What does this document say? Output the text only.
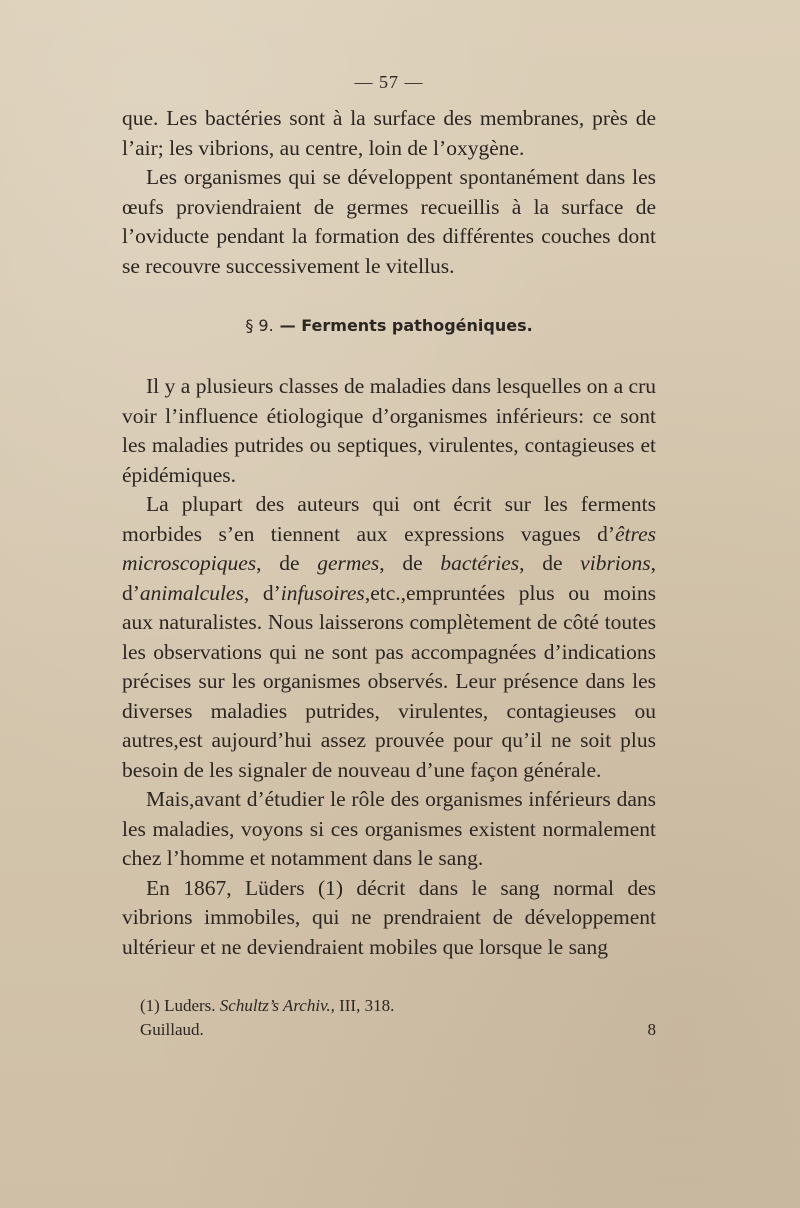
— 57 —

que. Les bactéries sont à la surface des membranes, près de l’air; les vibrions, au centre, loin de l’oxygène.

Les organismes qui se développent spontanément dans les œufs proviendraient de germes recueillis à la surface de l’oviducte pendant la formation des différentes couches dont se recouvre successivement le vitellus.

§ 9. — Ferments pathogéniques.

Il y a plusieurs classes de maladies dans lesquelles on a cru voir l’influence étiologique d’organismes inférieurs: ce sont les maladies putrides ou septiques, virulentes, contagieuses et épidémiques.

La plupart des auteurs qui ont écrit sur les ferments morbides s’en tiennent aux expressions vagues d’êtres microscopiques, de germes, de bactéries, de vibrions, d’animalcules, d’infusoires,etc.,empruntées plus ou moins aux naturalistes. Nous laisserons complètement de côté toutes les observations qui ne sont pas accompagnées d’indications précises sur les organismes observés. Leur présence dans les diverses maladies putrides, virulentes, contagieuses ou autres,est aujourd’hui assez prouvée pour qu’il ne soit plus besoin de les signaler de nouveau d’une façon générale.

Mais,avant d’étudier le rôle des organismes inférieurs dans les maladies, voyons si ces organismes existent normalement chez l’homme et notamment dans le sang.

En 1867, Lüders (1) décrit dans le sang normal des vibrions immobiles, qui ne prendraient de développement ultérieur et ne deviendraient mobiles que lorsque le sang

(1) Luders. Schultz’s Archiv., III, 318.
Guillaud.	8
